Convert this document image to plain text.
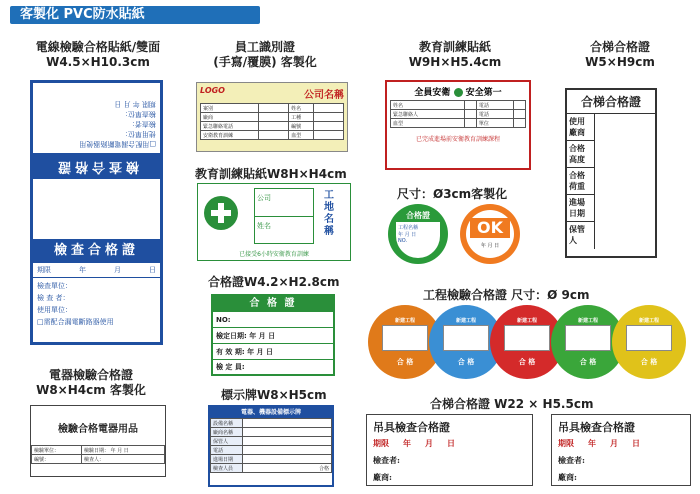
客製化 PVC防水貼紙
電線檢驗合格貼紙/雙面
W4.5×H10.3cm
□用配合漏電斷路器使用
使用單位：
檢查者：
檢查單位：
期限 年 月 日
檢查合格證
檢查合格證
期限	年	月	日
檢查單位：
檢 查 者：
使用單位：
□需配合漏電斷路器使用
員工識別證
(手寫/覆膜) 客製化
LOGO	公司名稱
案別		姓名	
廠商		工種	
緊急聯絡電話		編號	
安衛教育訓練		血型	
教育訓練貼紙
W9H×H5.4cm
全員安衛 安全第一
姓名		電話	
緊急聯絡人		電話	
血型		單位	
已完成進場前安衛教育訓練課程
合梯合格證
W5×H9cm
合梯合格證
使用廠商
合格高度
合格荷重
進場日期
保管人
教育訓練貼紙W8H×H4cm
公司
姓名
工地名稱
已接受6小時安衛教育訓練
尺寸：Ø3cm客製化
合格證
工程名稱
年 月 日
NO.
OK
年 月 日
合格證W4.2×H2.8cm
合 格 證
NO:
檢定日期: 年 月 日
有 效 期: 年 月 日
檢 定 員:
工程檢驗合格證 尺寸：Ø 9cm
新建工程
合 格
新建工程
合 格
新建工程
合 格
新建工程
合 格
新建工程
合 格
電器檢驗合格證
W8×H4cm 客製化
檢驗合格電器用品
檢驗單位：	檢驗日期： 年 月 日
編號：	檢查人：
標示牌W8×H5cm
電器、機器設備標示牌
設備名稱	
廠商名稱	
保管人	
電話	
進場日期	
檢查人員	合格
合梯合格證 W22 × H5.5cm
吊具檢查合格證
期限 年 月 日
檢查者:
廠商:
吊具檢查合格證
期限 年 月 日
檢查者:
廠商:
